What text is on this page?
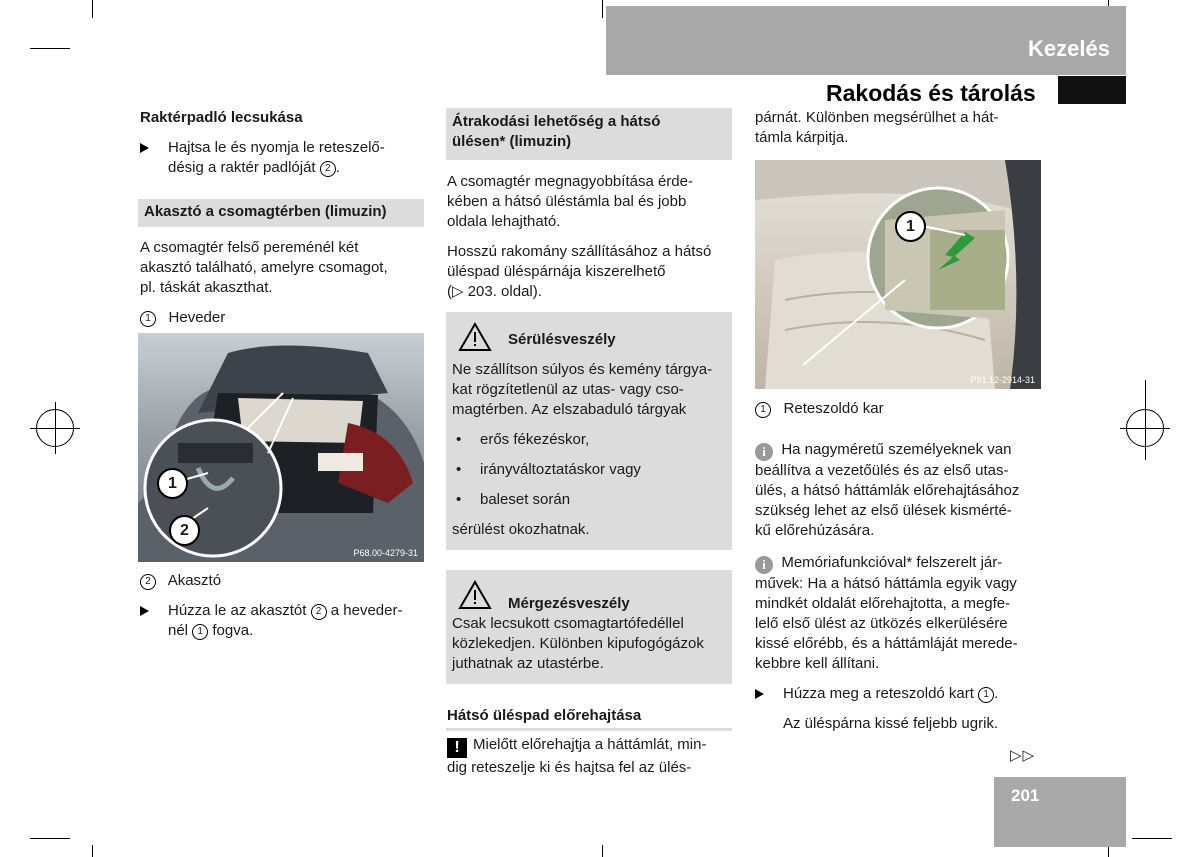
Kezelés
Rakodás és tárolás
Raktérpadló lecsukása
Hajtsa le és nyomja le reteszelő-
désig a raktér padlóját 2 .
Akasztó a csomagtérben (limuzin)
A csomagtér felső pereménél két
akasztó található, amelyre csomagot,
pl. táskát akaszthat.
1 Heveder
1
2
P68.00-4279-31
2 Akasztó
Húzza le az akasztót 2 a heveder-
nél 1 fogva.
Átrakodási lehetőség a hátsó
ülésen* (limuzin)
A csomagtér megnagyobbítása érde-
kében a hátsó üléstámla bal és jobb
oldala lehajtható.
Hosszú rakomány szállításához a hátsó
üléspad üléspárnája kiszerelhető
(▷ 203. oldal).
Sérülésveszély
Ne szállítson súlyos és kemény tárgya-
kat rögzítetlenül az utas- vagy cso-
magtérben. Az elszabaduló tárgyak
• erős fékezéskor,
• irányváltoztatáskor vagy
• baleset során
sérülést okozhatnak.
Mérgezésveszély
Csak lecsukott csomagtartófedéllel
közlekedjen. Különben kipufogógázok
juthatnak az utastérbe.
Hátsó üléspad előrehajtása
! Mielőtt előrehajtja a háttámlát, min-
dig reteszelje ki és hajtsa fel az ülés-
párnát. Különben megsérülhet a hát-
támla kárpitja.
1
P91.12-2914-31
1 Reteszoldó kar
i Ha nagyméretű személyeknek van
beállítva a vezetőülés és az első utas-
ülés, a hátsó háttámlák előrehajtásához
szükség lehet az első ülések kismérté-
kű előrehúzására.
i Memóriafunkcióval* felszerelt jár-
művek: Ha a hátsó háttámla egyik vagy
mindkét oldalát előrehajtotta, a megfe-
lelő első ülést az ütközés elkerülésére
kissé előrébb, és a háttámláját merede-
kebbre kell állítani.
Húzza meg a reteszoldó kart 1 .
Az üléspárna kissé feljebb ugrik.
▷▷
201
